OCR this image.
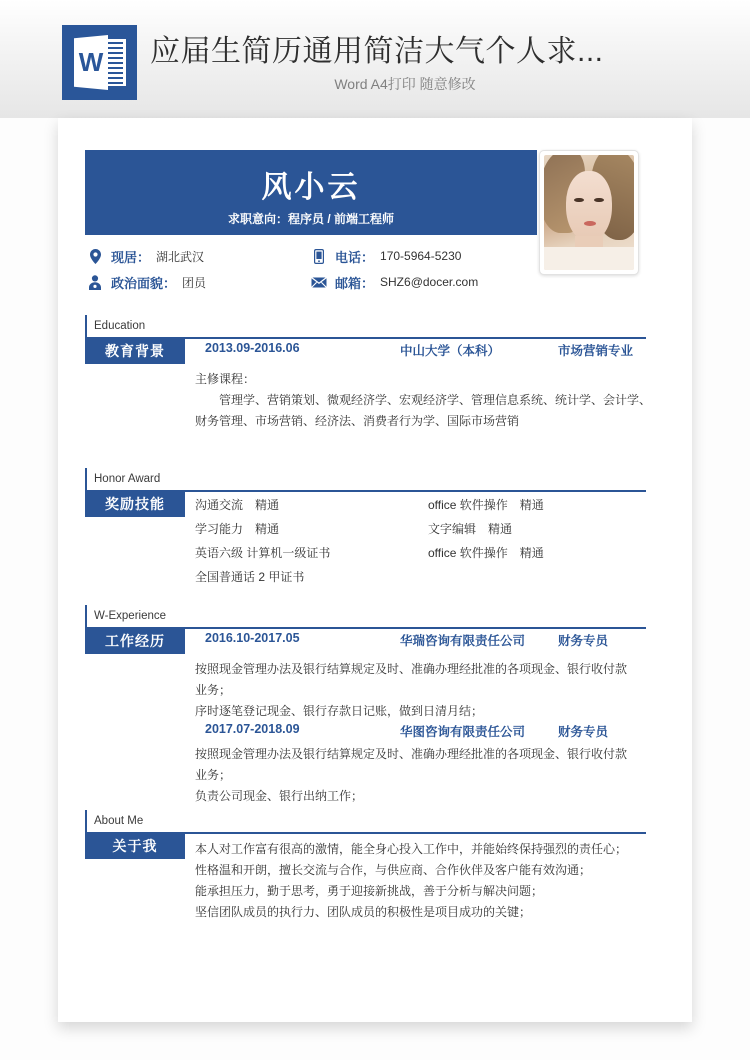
W 应届生简历通用简洁大气个人求...
Word A4打印 随意修改
风小云
求职意向：程序员 / 前端工程师
现居： 湖北武汉	电话： 170-5964-5230
政治面貌： 团员	邮箱： SHZ6@docer.com
Education
教育背景	2013.09-2016.06	中山大学（本科）	市场营销专业
主修课程：
管理学、营销策划、微观经济学、宏观经济学、管理信息系统、统计学、会计学、
财务管理、市场营销、经济法、消费者行为学、国际市场营销
Honor Award
奖励技能	沟通交流　精通	office 软件操作　精通
学习能力　精通	文字编辑　精通
英语六级 计算机一级证书	office 软件操作　精通
全国普通话 2 甲证书
W-Experience
工作经历	2016.10-2017.05	华瑞咨询有限责任公司	财务专员
按照现金管理办法及银行结算规定及时、准确办理经批准的各项现金、银行收付款
业务；
序时逐笔登记现金、银行存款日记账，做到日清月结；
2017.07-2018.09	华图咨询有限责任公司	财务专员
按照现金管理办法及银行结算规定及时、准确办理经批准的各项现金、银行收付款
业务；
负责公司现金、银行出纳工作；
About Me
关于我	本人对工作富有很高的激情，能全身心投入工作中，并能始终保持强烈的责任心；
性格温和开朗，擅长交流与合作，与供应商、合作伙伴及客户能有效沟通；
能承担压力，勤于思考，勇于迎接新挑战，善于分析与解决问题；
坚信团队成员的执行力、团队成员的积极性是项目成功的关键；
